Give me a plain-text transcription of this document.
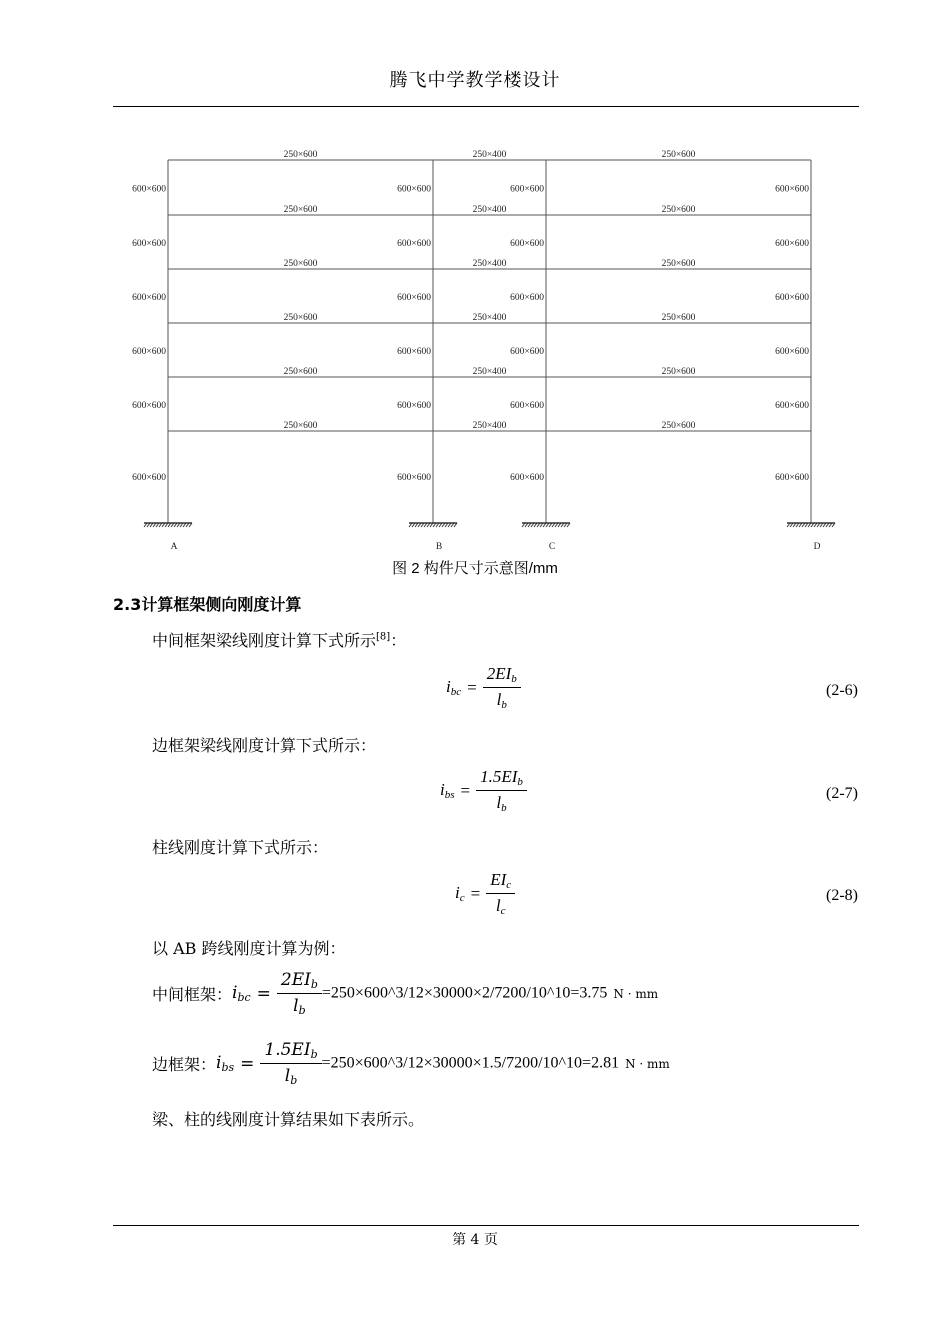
腾飞中学教学楼设计
250×600	250×400	250×600
250×600	250×400	250×600
250×600	250×400	250×600
250×600	250×400	250×600
250×600	250×400	250×600
250×600	250×400	250×600
600×600	600×600	600×600	600×600
600×600	600×600	600×600	600×600
600×600	600×600	600×600	600×600
600×600	600×600	600×600	600×600
600×600	600×600	600×600	600×600
600×600	600×600	600×600	600×600
A	B	C	D
图 2 构件尺寸示意图/mm
2.3计算框架侧向刚度计算
中间框架梁线刚度计算下式所示[8]：
$i_{bc} = \frac{2EI_b}{l_b}$	(2-6)
边框架梁线刚度计算下式所示：
$i_{bs} = \frac{1.5EI_b}{l_b}$	(2-7)
柱线刚度计算下式所示：
$i_c = \frac{EI_c}{l_c}$	(2-8)
以 AB 跨线刚度计算为例：
中间框架：$i_{bc} = \frac{2EI_b}{l_b}$ =250×600^3/12×30000×2/7200/10^10=3.75 N · mm
边框架：$i_{bs} = \frac{1.5EI_b}{l_b}$ =250×600^3/12×30000×1.5/7200/10^10=2.81 N · mm
梁、柱的线刚度计算结果如下表所示。
第 4 页
